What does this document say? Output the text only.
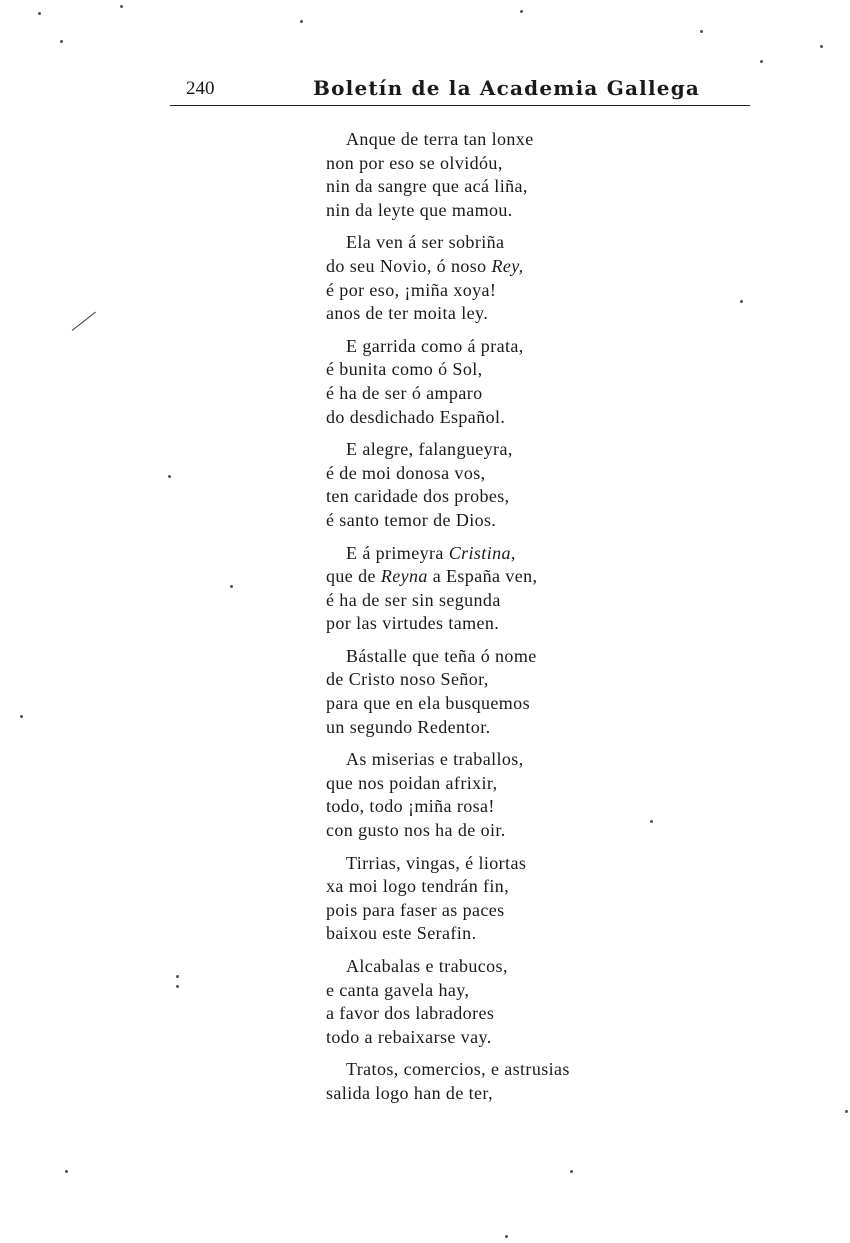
240	Boletín de la Academia Gallega
Anque de terra tan lonxe
non por eso se olvidóu,
nin da sangre que acá liña,
nin da leyte que mamou.
Ela ven á ser sobriña
do seu Novio, ó noso Rey,
é por eso, ¡miña xoya!
anos de ter moita ley.
E garrida como á prata,
é bunita como ó Sol,
é ha de ser ó amparo
do desdichado Español.
E alegre, falangueyra,
é de moi donosa vos,
ten caridade dos probes,
é santo temor de Dios.
E á primeyra Cristina,
que de Reyna a España ven,
é ha de ser sin segunda
por las virtudes tamen.
Bástalle que teña ó nome
de Cristo noso Señor,
para que en ela busquemos
un segundo Redentor.
As miserias e traballos,
que nos poidan afrixir,
todo, todo ¡miña rosa!
con gusto nos ha de oir.
Tirrias, vingas, é liortas
xa moi logo tendrán fin,
pois para faser as paces
baixou este Serafin.
Alcabalas e trabucos,
e canta gavela hay,
a favor dos labradores
todo a rebaixarse vay.
Tratos, comercios, e astrusias
salida logo han de ter,
